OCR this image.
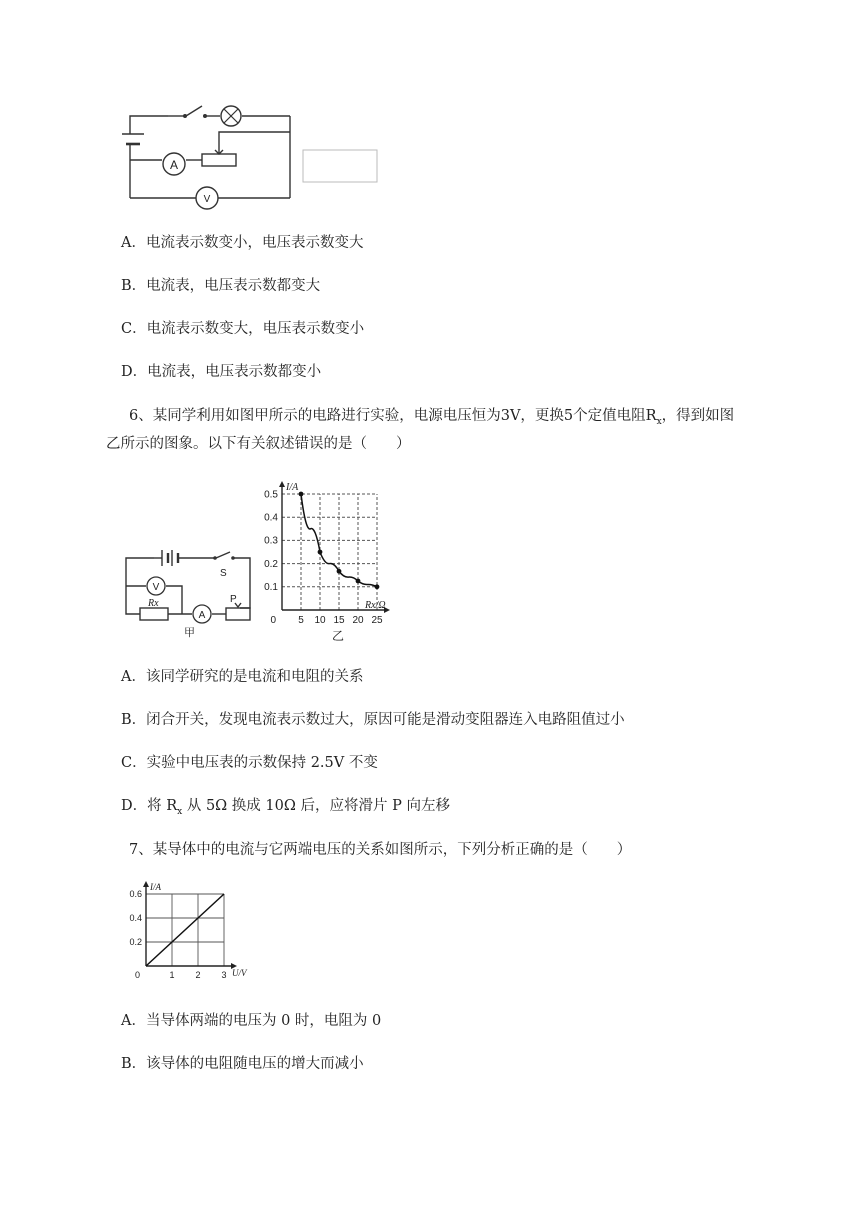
A
V
A．电流表示数变小，电压表示数变大
B．电流表，电压表示数都变大
C．电流表示数变大，电压表示数变小
D．电流表，电压表示数都变小
6、某同学利用如图甲所示的电路进行实验，电源电压恒为3V，更换5个定值电阻$R_x$，得到如图
乙所示的图象。以下有关叙述错误的是（　　）
V
A
Rx
S
P
甲
5 10 15 20 25
0.1
0.2
0.3
0.4
0.5
0
I/A
Rx/Ω
乙
A．该同学研究的是电流和电阻的关系
B．闭合开关，发现电流表示数过大，原因可能是滑动变阻器连入电路阻值过小
C．实验中电压表的示数保持 2.5V 不变
D．将 $R_x$ 从 5Ω 换成 10Ω 后，应将滑片 P 向左移
7、某导体中的电流与它两端电压的关系如图所示，下列分析正确的是（　　）
1 2 3
0.2
0.4
0.6
0
I/A
U/V
A．当导体两端的电压为 0 时，电阻为 0
B．该导体的电阻随电压的增大而减小
